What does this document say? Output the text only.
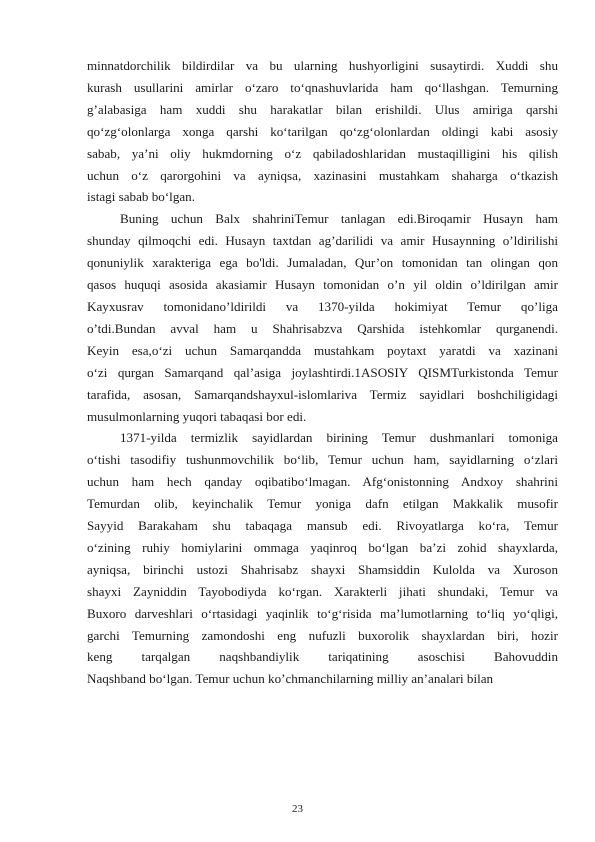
minnatdorchilik bildirdilar va bu ularning hushyorligini susaytirdi. Xuddi shu
kurash usullarini amirlar o‘zaro to‘qnashuvlarida ham qo‘llashgan. Temurning
g’alabasiga ham xuddi shu harakatlar bilan erishildi. Ulus amiriga qarshi
qo‘zg‘olonlarga xonga qarshi ko‘tarilgan qo‘zg‘olonlardan oldingi kabi asosiy
sabab, ya’ni oliy hukmdorning o‘z qabiladoshlaridan mustaqilligini his qilish
uchun o‘z qarorgohini va ayniqsa, xazinasini mustahkam shaharga o‘tkazish
istagi sabab bo‘lgan.
Buning uchun Balx shahriniTemur tanlagan edi.Biroqamir Husayn ham
shunday qilmoqchi edi. Husayn taxtdan ag’darilidi va amir Husaynning o’ldirilishi
qonuniylik xarakteriga ega bo'ldi. Jumaladan, Qur’on tomonidan tan olingan qon
qasos huquqi asosida akasiamir Husayn tomonidan o’n yil oldin o’ldirilgan amir
Kayxusrav tomonidano’ldirildi va 1370-yilda hokimiyat Temur qo’liga
o’tdi.Bundan avval ham u Shahrisabzva Qarshida istehkomlar qurganendi.
Keyin esa,o‘zi uchun Samarqandda mustahkam poytaxt yaratdi va xazinani
o‘zi qurgan Samarqand qal’asiga joylashtirdi.1ASOSIY QISMTurkistonda Temur
tarafida, asosan, Samarqandshayxul-islomlariva Termiz sayidlari boshchiligidagi
musulmonlarning yuqori tabaqasi bor edi.
1371-yilda termizlik sayidlardan birining Temur dushmanlari tomoniga
o‘tishi tasodifiy tushunmovchilik bo‘lib, Temur uchun ham, sayidlarning o‘zlari
uchun ham hech qanday oqibatibo‘lmagan. Afg‘onistonning Andxoy shahrini
Temurdan olib, keyinchalik Temur yoniga dafn etilgan Makkalik musofir
Sayyid Barakaham shu tabaqaga mansub edi. Rivoyatlarga ko‘ra, Temur
o‘zining ruhiy homiylarini ommaga yaqinroq bo‘lgan ba’zi zohid shayxlarda,
ayniqsa, birinchi ustozi Shahrisabz shayxi Shamsiddin Kulolda va Xuroson
shayxi Zayniddin Tayobodiyda ko‘rgan. Xarakterli jihati shundaki, Temur va
Buxoro darveshlari o‘rtasidagi yaqinlik to‘g‘risida ma’lumotlarning to‘liq yo‘qligi,
garchi Temurning zamondoshi eng nufuzli buxorolik shayxlardan biri, hozir
keng tarqalgan naqshbandiylik tariqatining asoschisi Bahovuddin
Naqshband bo‘lgan. Temur uchun ko’chmanchilarning milliy an’analari bilan
23
